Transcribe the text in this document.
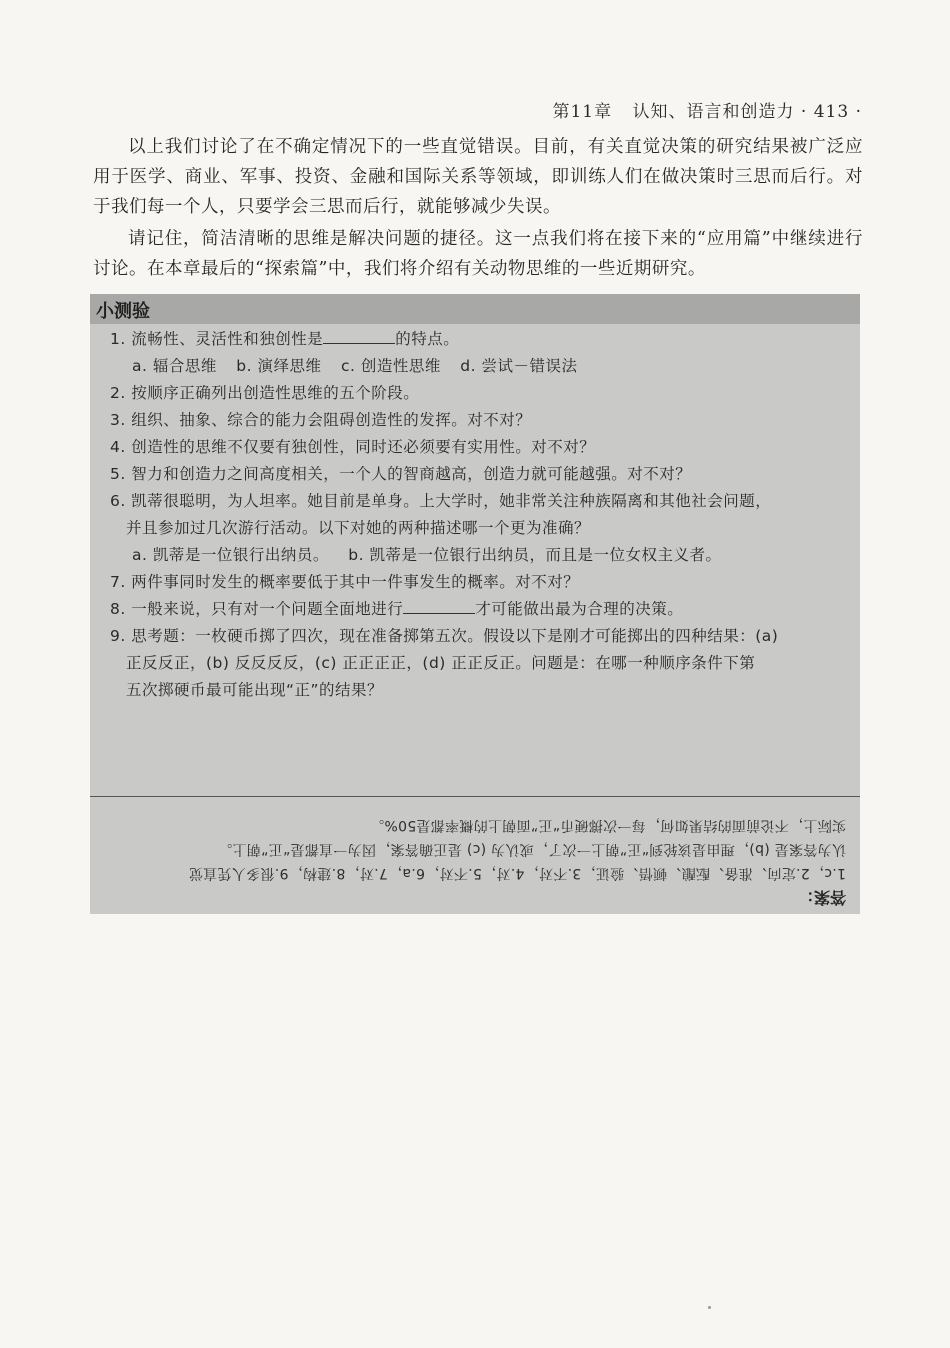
第11章 认知、语言和创造力 · 413 ·

以上我们讨论了在不确定情况下的一些直觉错误。目前，有关直觉决策的研究结果被广泛应用于医学、商业、军事、投资、金融和国际关系等领域，即训练人们在做决策时三思而后行。对于我们每一个人，只要学会三思而后行，就能够减少失误。

请记住，简洁清晰的思维是解决问题的捷径。这一点我们将在接下来的“应用篇”中继续进行讨论。在本章最后的“探索篇”中，我们将介绍有关动物思维的一些近期研究。

小测验

1. 流畅性、灵活性和独创性是	的特点。

a. 辐合思维 b. 演绎思维 c. 创造性思维 d. 尝试－错误法

2. 按顺序正确列出创造性思维的五个阶段。

3. 组织、抽象、综合的能力会阻碍创造性的发挥。对不对？

4. 创造性的思维不仅要有独创性，同时还必须要有实用性。对不对？

5. 智力和创造力之间高度相关，一个人的智商越高，创造力就可能越强。对不对？

6. 凯蒂很聪明，为人坦率。她目前是单身。上大学时，她非常关注种族隔离和其他社会问题，

并且参加过几次游行活动。以下对她的两种描述哪一个更为准确？

a. 凯蒂是一位银行出纳员。 b. 凯蒂是一位银行出纳员，而且是一位女权主义者。

7. 两件事同时发生的概率要低于其中一件事发生的概率。对不对？

8. 一般来说，只有对一个问题全面地进行	才可能做出最为合理的决策。

9. 思考题：一枚硬币掷了四次，现在准备掷第五次。假设以下是刚才可能掷出的四种结果：(a)

正反反正，(b) 反反反反，(c) 正正正正，(d) 正正反正。问题是：在哪一种顺序条件下第

五次掷硬币最可能出现“正”的结果？

答案：

1.c，2.定向、准备、酝酿、顿悟、验证，3.不对，4.对，5.不对，6.a，7.对，8.建构，9.很多人凭直觉

认为答案是 (b)，理由是该轮到“正”朝上一次了，或认为 (c) 是正确答案，因为一直都是“正”朝上。

实际上，不论前面的结果如何，每一次掷硬币“正”面朝上的概率都是50%。
